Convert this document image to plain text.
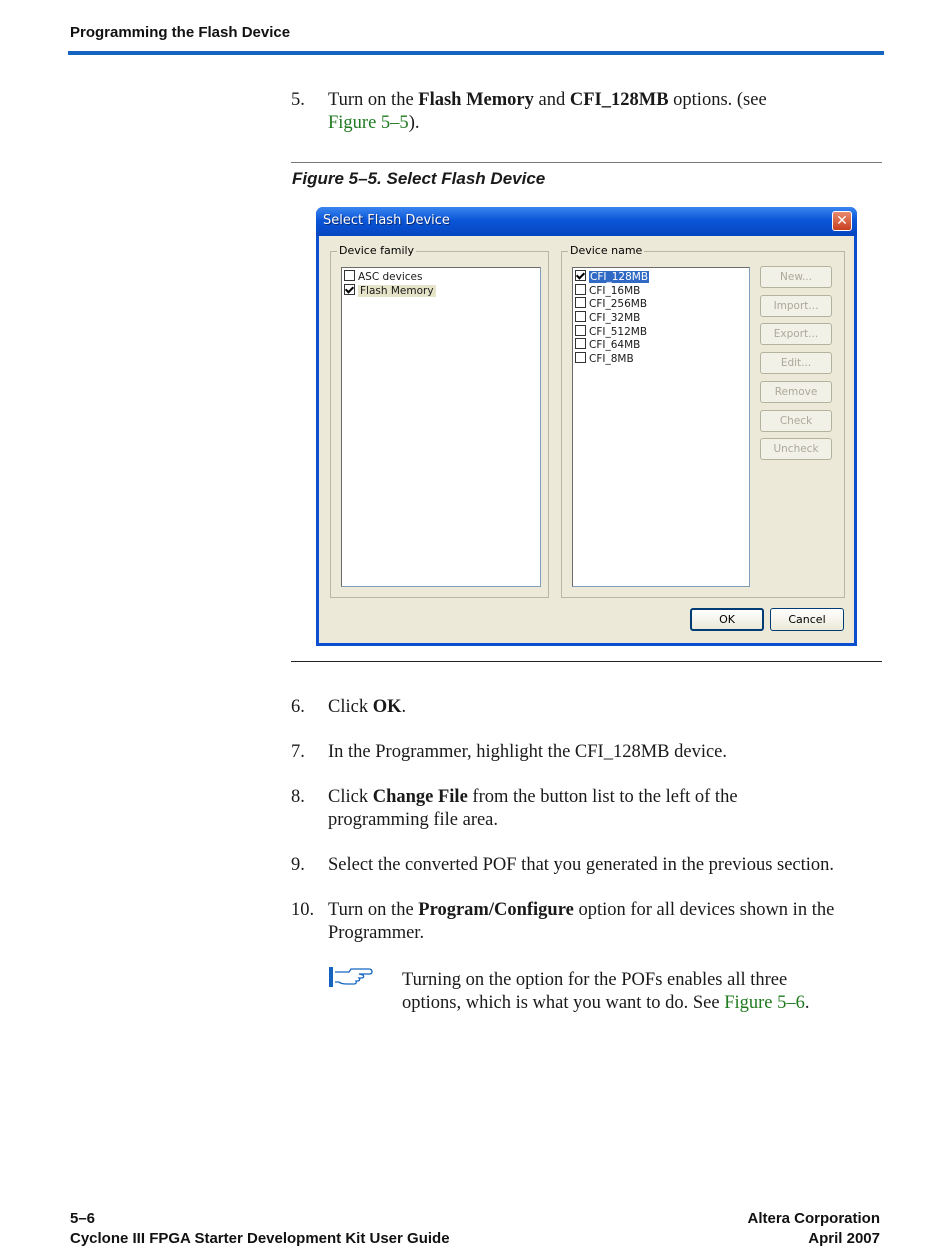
Programming the Flash Device
5. Turn on the Flash Memory and CFI_128MB options. (see
Figure 5–5).
Figure 5–5. Select Flash Device
Select Flash Device	✕
Device family
ASC devices
Flash Memory
Device name
CFI_128MB
CFI_16MB
CFI_256MB
CFI_32MB
CFI_512MB
CFI_64MB
CFI_8MB
New...
Import...
Export...
Edit...
Remove
Check
Uncheck
OK	Cancel
6. Click OK.
7. In the Programmer, highlight the CFI_128MB device.
8. Click Change File from the button list to the left of the
programming file area.
9. Select the converted POF that you generated in the previous section.
10. Turn on the Program/Configure option for all devices shown in the
Programmer.
Turning on the option for the POFs enables all three
options, which is what you want to do. See Figure 5–6.
5–6
Cyclone III FPGA Starter Development Kit User Guide
Altera Corporation
April 2007
